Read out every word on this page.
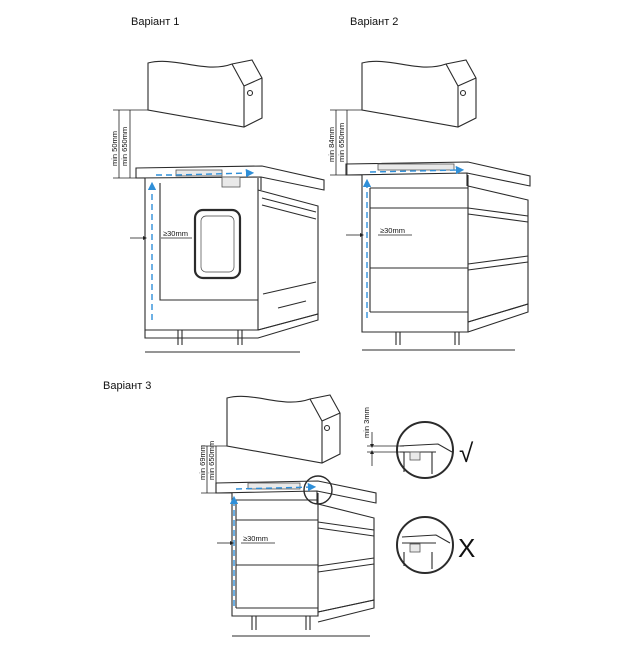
Варіант 1	Варіант 2
Варіант 3
min 50mm min 650mm
≥30mm
min 84mm min 650mm
≥30mm
min 69mm min 650mm
≥30mm
min 3mm
√
X
